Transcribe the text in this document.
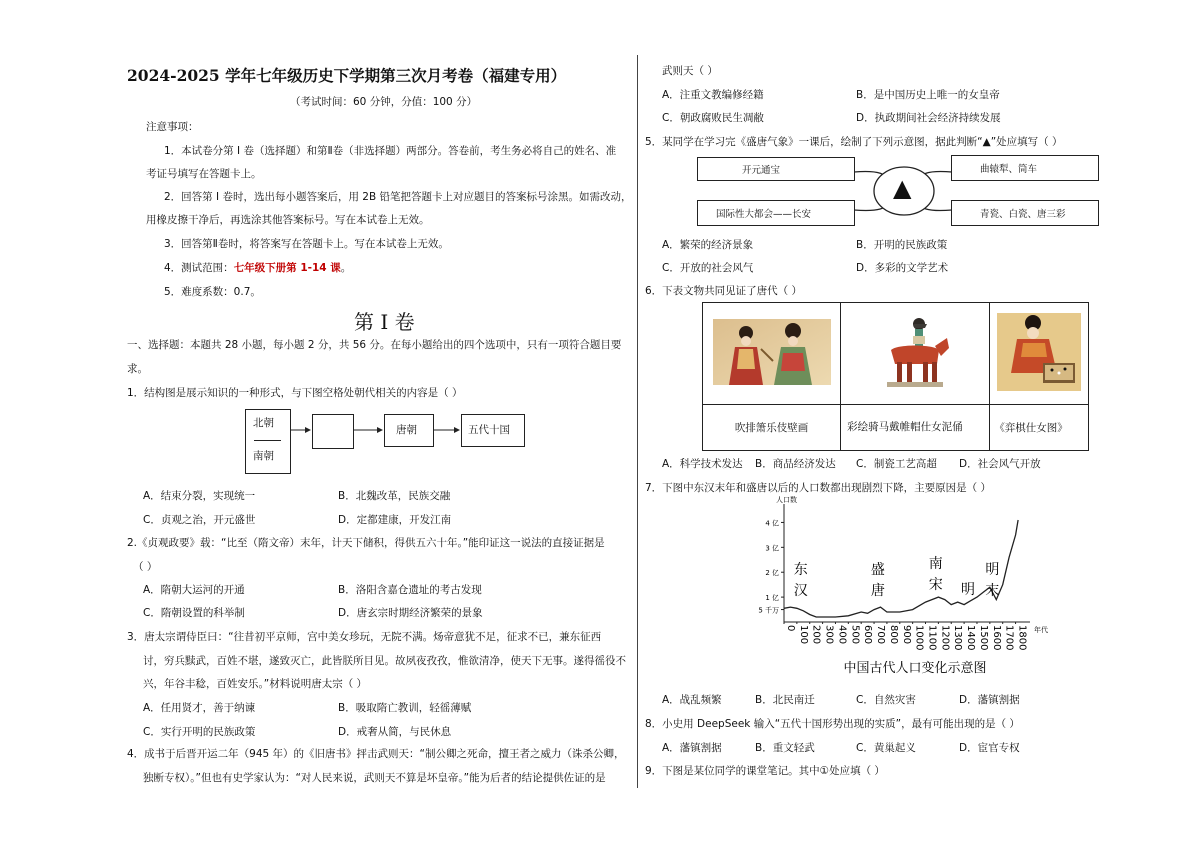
2024-2025 学年七年级历史下学期第三次月考卷（福建专用）
（考试时间：60 分钟，分值：100 分）
注意事项：
1．本试卷分第 I 卷（选择题）和第Ⅱ卷（非选择题）两部分。答卷前，考生务必将自己的姓名、准
考证号填写在答题卡上。
2．回答第 I 卷时，选出每小题答案后，用 2B 铅笔把答题卡上对应题目的答案标号涂黑。如需改动，
用橡皮擦干净后，再选涂其他答案标号。写在本试卷上无效。
3．回答第Ⅱ卷时，将答案写在答题卡上。写在本试卷上无效。
4．测试范围：七年级下册第 1-14 课。
5．难度系数：0.7。
第 I 卷
一、选择题：本题共 28 小题，每小题 2 分，共 56 分。在每小题给出的四个选项中，只有一项符合题目要
求。
1．结构图是展示知识的一种形式，与下图空格处朝代相关的内容是（ ）
北朝
南朝
唐朝	五代十国
A．结束分裂，实现统一	B．北魏改革，民族交融
C．贞观之治，开元盛世	D．定都建康，开发江南
2.《贞观政要》载：“比至（隋文帝）末年，计天下储积，得供五六十年。”能印证这一说法的直接证据是
（ ）
A．隋朝大运河的开通	B．洛阳含嘉仓遗址的考古发现
C．隋朝设置的科举制	D．唐玄宗时期经济繁荣的景象
3．唐太宗谓侍臣曰：“往昔初平京师，宫中美女珍玩，无院不满。炀帝意犹不足，征求不已，兼东征西
讨，穷兵黩武，百姓不堪，遂致灭亡，此皆朕所目见。故夙夜孜孜，惟欲清净，使天下无事。遂得徭役不
兴，年谷丰稔，百姓安乐。”材料说明唐太宗（ ）
A．任用贤才，善于纳谏	B．吸取隋亡教训，轻徭薄赋
C．实行开明的民族政策	D．戒奢从简，与民休息
4．成书于后晋开运二年（945 年）的《旧唐书》抨击武则天：“制公卿之死命，擅王者之威力（诛杀公卿，
独断专权）。”但也有史学家认为：“对人民来说，武则天不算是坏皇帝。”能为后者的结论提供佐证的是
武则天（ ）
A．注重文教编修经籍	B．是中国历史上唯一的女皇帝
C．朝政腐败民生凋敝	D．执政期间社会经济持续发展
5．某同学在学习完《盛唐气象》一课后，绘制了下列示意图，据此判断“▲”处应填写（ ）
开元通宝
国际性大都会——长安
曲辕犁、筒车
青瓷、白瓷、唐三彩
▲
A．繁荣的经济景象	B．开明的民族政策
C．开放的社会风气	D．多彩的文学艺术
6．下表文物共同见证了唐代（ ）

吹排箫乐伎壁画	彩绘骑马戴帷帽仕女泥俑	《弈棋仕女图》
A．科学技术发达 B．商品经济发达 C．制瓷工艺高超 D．社会风气开放
7．下图中东汉末年和盛唐以后的人口数都出现剧烈下降，主要原因是（ ）
人口数
年代
5 千万
1 亿
2 亿
3 亿
4 亿
0 100 200 300 400 500 600 700 800 900 1000 1100 1200 1300 1400 1500 1600 1700 1800
东
汉
盛
唐
南
宋 明
明
末
中国古代人口变化示意图
A．战乱频繁	B．北民南迁	C．自然灾害	D．藩镇割据
8．小史用 DeepSeek 输入“五代十国形势出现的实质”，最有可能出现的是（ ）
A．藩镇割据	B．重文轻武	C．黄巢起义	D．宦官专权
9．下图是某位同学的课堂笔记。其中①处应填（ ）
